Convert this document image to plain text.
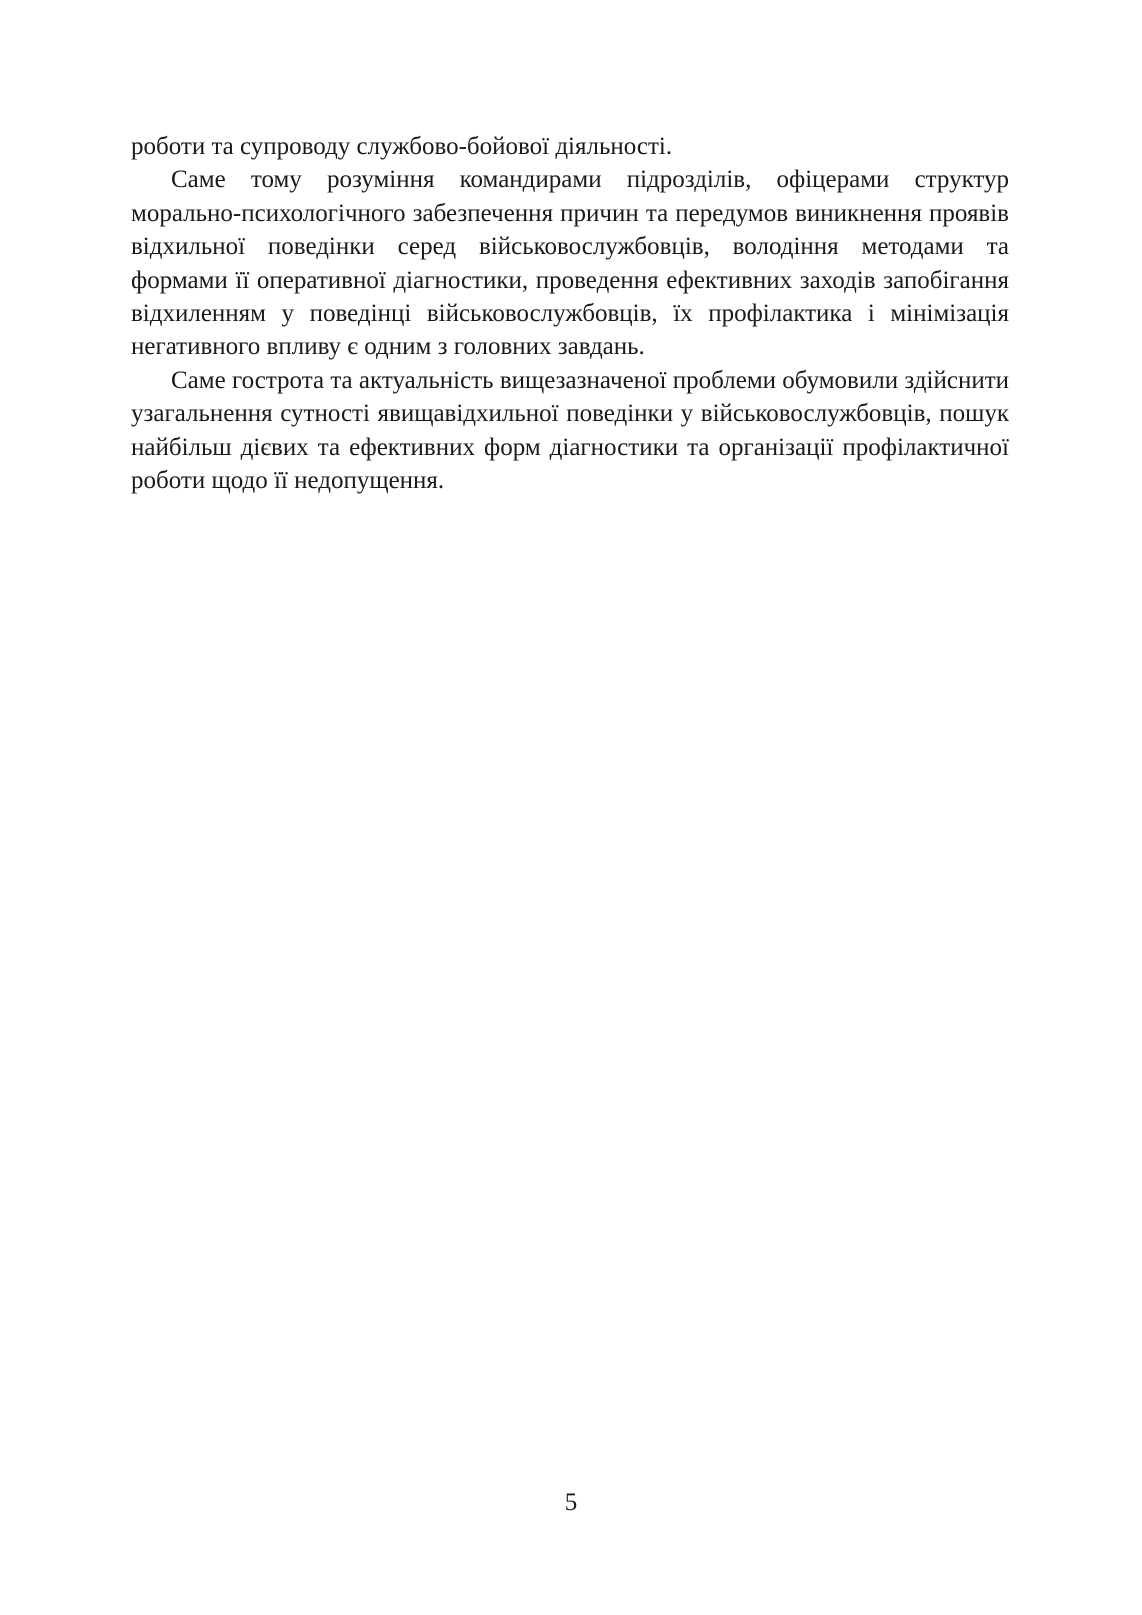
роботи та супроводу службово-бойової діяльності.

Саме тому розуміння командирами підрозділів, офіцерами структур морально-психологічного забезпечення причин та передумов виникнення проявів відхильної поведінки серед військовослужбовців, володіння методами та формами її оперативної діагностики, проведення ефективних заходів запобігання відхиленням у поведінці військовослужбовців, їх профілактика і мінімізація негативного впливу є одним з головних завдань.

Саме гострота та актуальність вищезазначеної проблеми обумовили здійснити узагальнення сутності явищавідхильної поведінки у військовослужбовців, пошук найбільш дієвих та ефективних форм діагностики та організації профілактичної роботи щодо її недопущення.

5
